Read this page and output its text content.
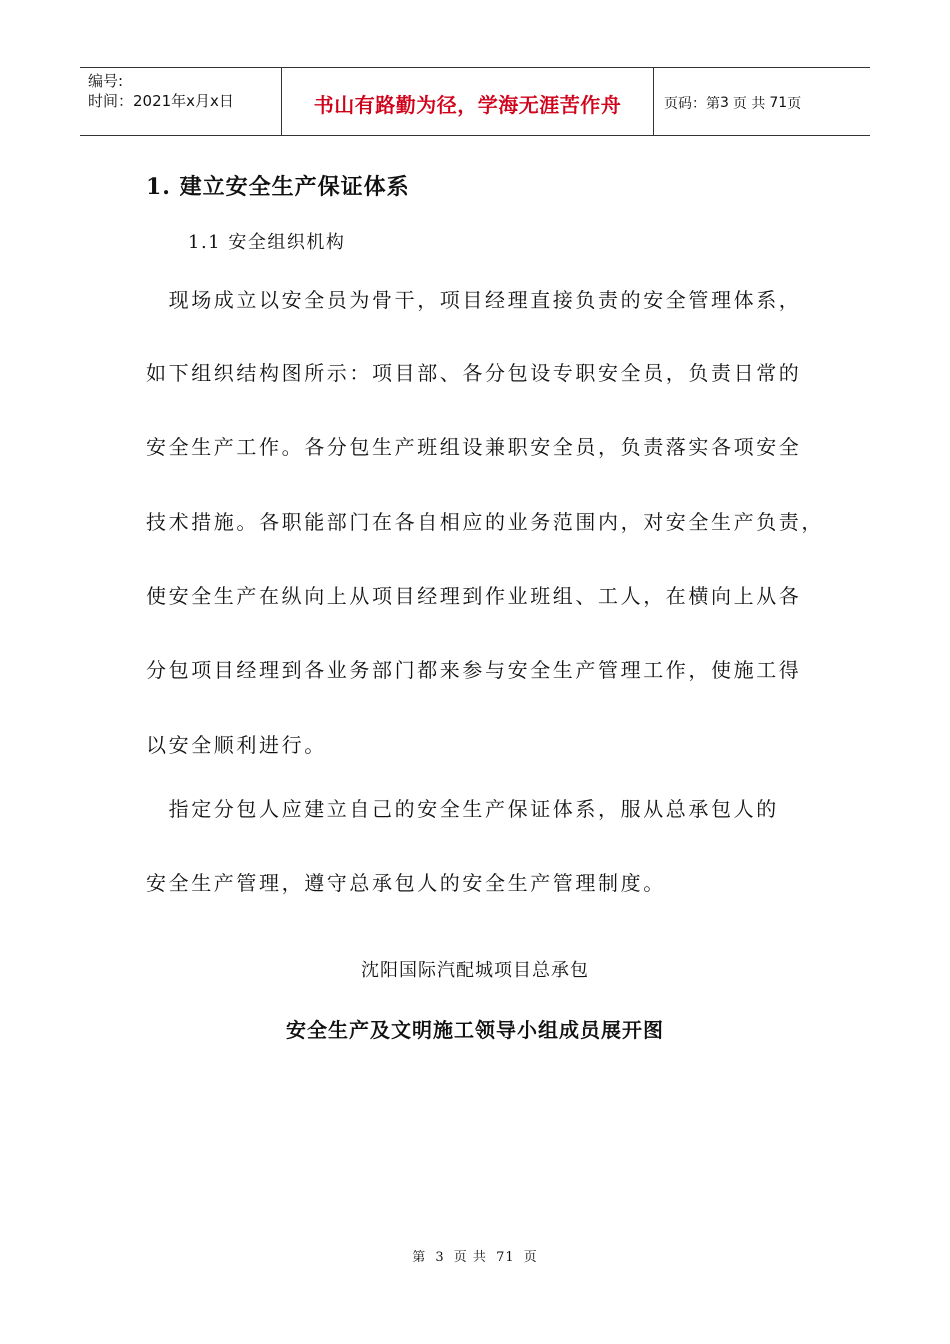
编号:
时间：2021年x月x日	书山有路勤为径，学海无涯苦作舟	页码：第 3 页 共 71 页
1. 建立安全生产保证体系
1.1 安全组织机构
　现场成立以安全员为骨干，项目经理直接负责的安全管理体系，
如下组织结构图所示：项目部、各分包设专职安全员，负责日常的
安全生产工作。各分包生产班组设兼职安全员，负责落实各项安全
技术措施。各职能部门在各自相应的业务范围内，对安全生产负责，
使安全生产在纵向上从项目经理到作业班组、工人，在横向上从各
分包项目经理到各业务部门都来参与安全生产管理工作，使施工得
以安全顺利进行。
　指定分包人应建立自己的安全生产保证体系，服从总承包人的
安全生产管理，遵守总承包人的安全生产管理制度。
沈阳国际汽配城项目总承包
安全生产及文明施工领导小组成员展开图
第 3 页 共 71 页
